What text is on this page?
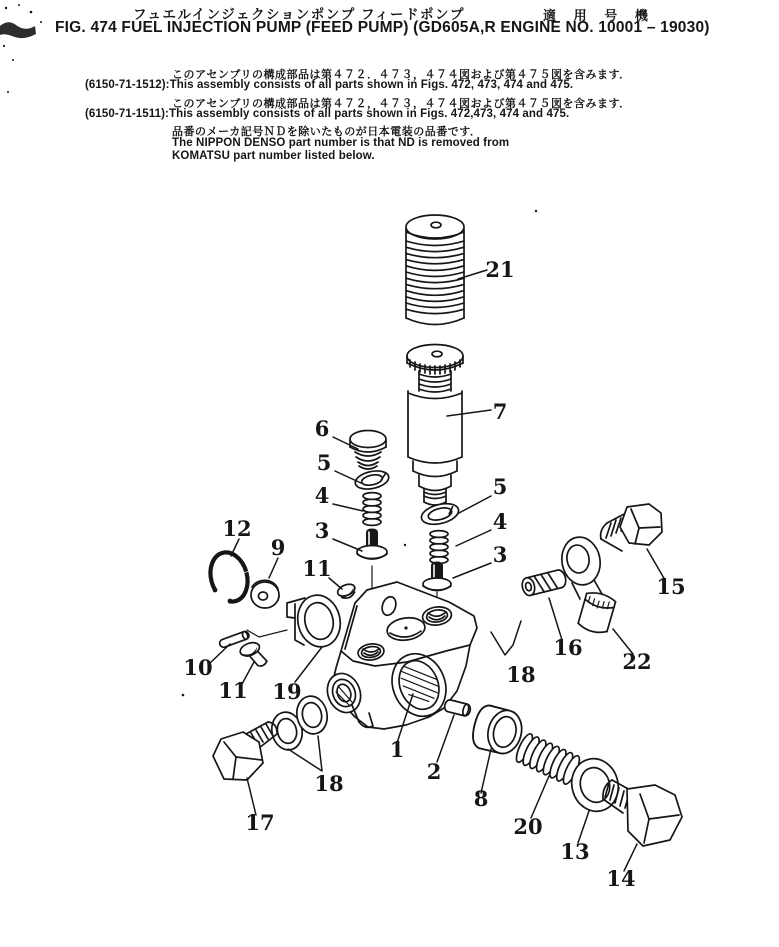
フュエルインジェクションポンプ フィードポンプ	適 用 号 機
FIG. 474 FUEL INJECTION PUMP (FEED PUMP) (GD605A,R ENGINE NO. 10001 – 19030)
このアセンブリの構成部品は第４７２．４７３，４７４図および第４７５図を含みます．
(6150-71-1512):This assembly consists of all parts shown in Figs. 472, 473, 474 and 475.
このアセンブリの構成部品は第４７２，４７３，４７４図および第４７５図を含みます．
(6150-71-1511):This assembly consists of all parts shown in Figs. 472,473, 474 and 475.
品番のメーカ記号ＮＤを除いたものが日本電装の品番です．
The NIPPON DENSO part number is that ND is removed from
KOMATSU part number listed below.
21
7
6
5
4
3
5
4
3
12
9
11
15
16
18
22
10
11 19
1
2
18
17
8
20
13
14
